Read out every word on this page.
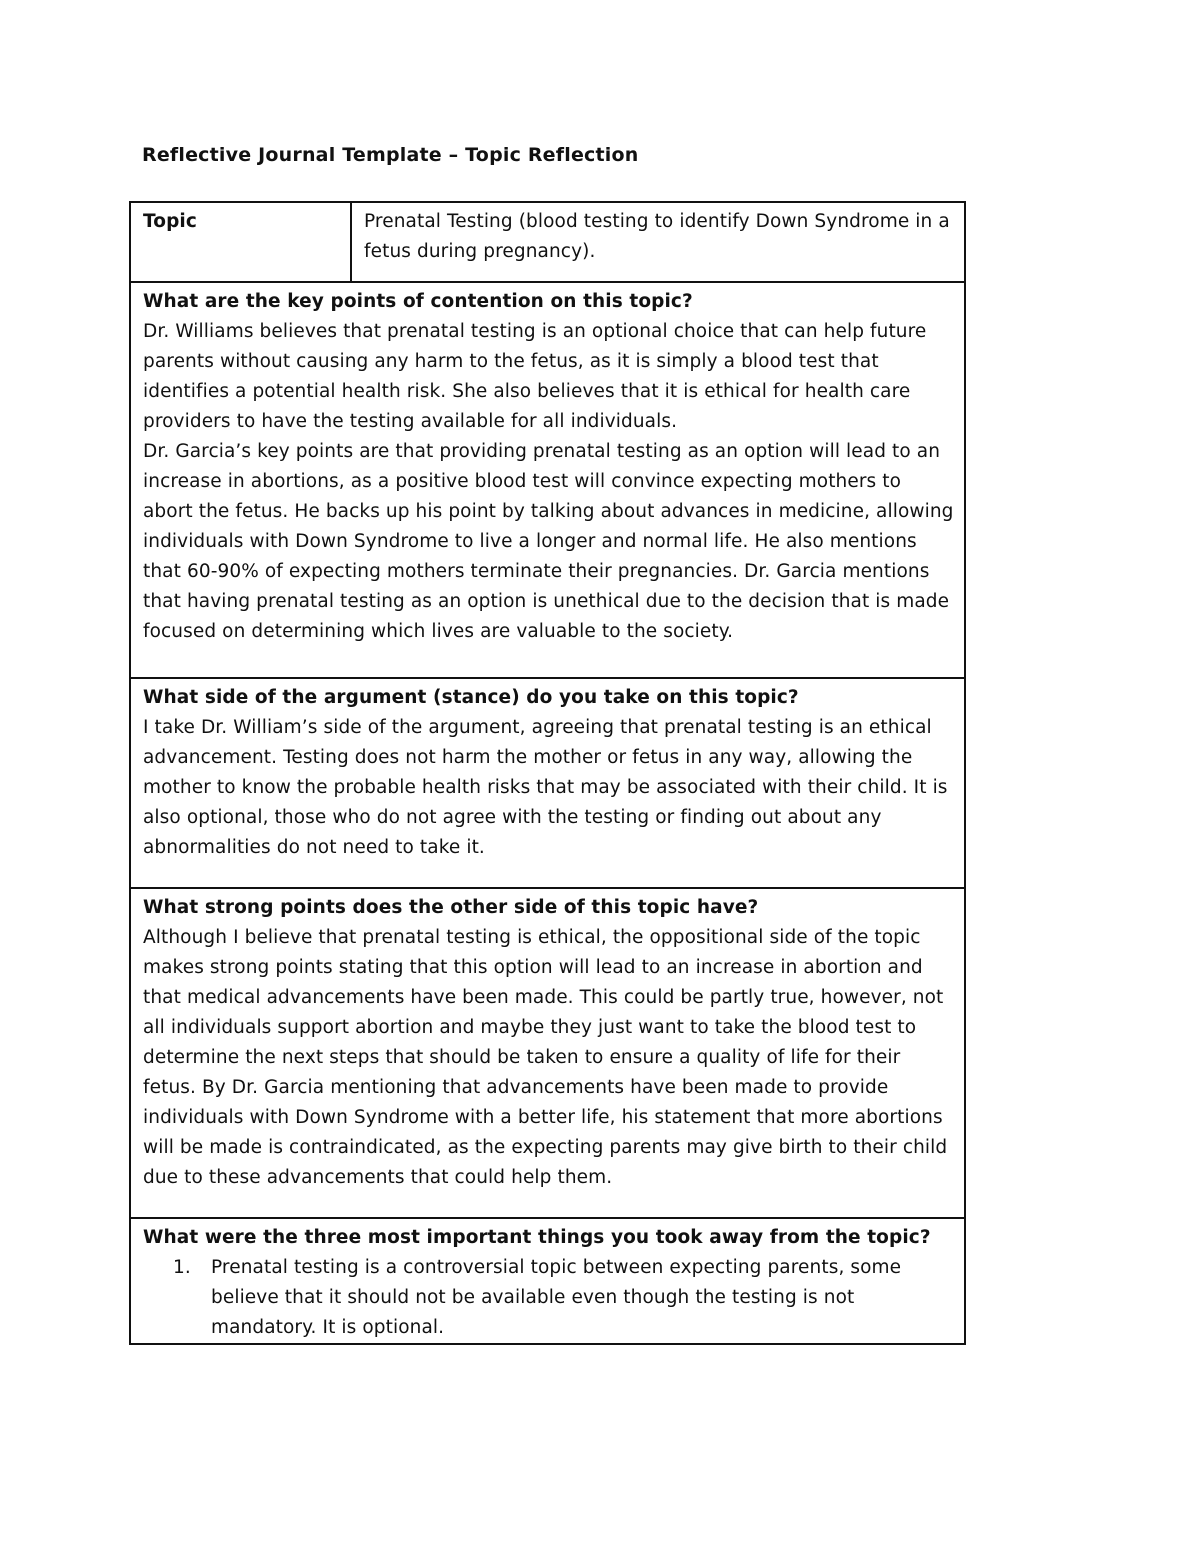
Reflective Journal Template – Topic Reflection
Topic	Prenatal Testing (blood testing to identify Down Syndrome in a fetus during pregnancy).

What are the key points of contention on this topic?
Dr. Williams believes that prenatal testing is an optional choice that can help future parents without causing any harm to the fetus, as it is simply a blood test that identifies a potential health risk. She also believes that it is ethical for health care providers to have the testing available for all individuals.
Dr. Garcia’s key points are that providing prenatal testing as an option will lead to an increase in abortions, as a positive blood test will convince expecting mothers to abort the fetus. He backs up his point by talking about advances in medicine, allowing individuals with Down Syndrome to live a longer and normal life. He also mentions that 60-90% of expecting mothers terminate their pregnancies. Dr. Garcia mentions that having prenatal testing as an option is unethical due to the decision that is made focused on determining which lives are valuable to the society.

What side of the argument (stance) do you take on this topic?
I take Dr. William’s side of the argument, agreeing that prenatal testing is an ethical advancement. Testing does not harm the mother or fetus in any way, allowing the mother to know the probable health risks that may be associated with their child. It is also optional, those who do not agree with the testing or finding out about any abnormalities do not need to take it.

What strong points does the other side of this topic have?
Although I believe that prenatal testing is ethical, the oppositional side of the topic makes strong points stating that this option will lead to an increase in abortion and that medical advancements have been made. This could be partly true, however, not all individuals support abortion and maybe they just want to take the blood test to determine the next steps that should be taken to ensure a quality of life for their fetus. By Dr. Garcia mentioning that advancements have been made to provide individuals with Down Syndrome with a better life, his statement that more abortions will be made is contraindicated, as the expecting parents may give birth to their child due to these advancements that could help them.

What were the three most important things you took away from the topic?
1. Prenatal testing is a controversial topic between expecting parents, some believe that it should not be available even though the testing is not mandatory. It is optional.
